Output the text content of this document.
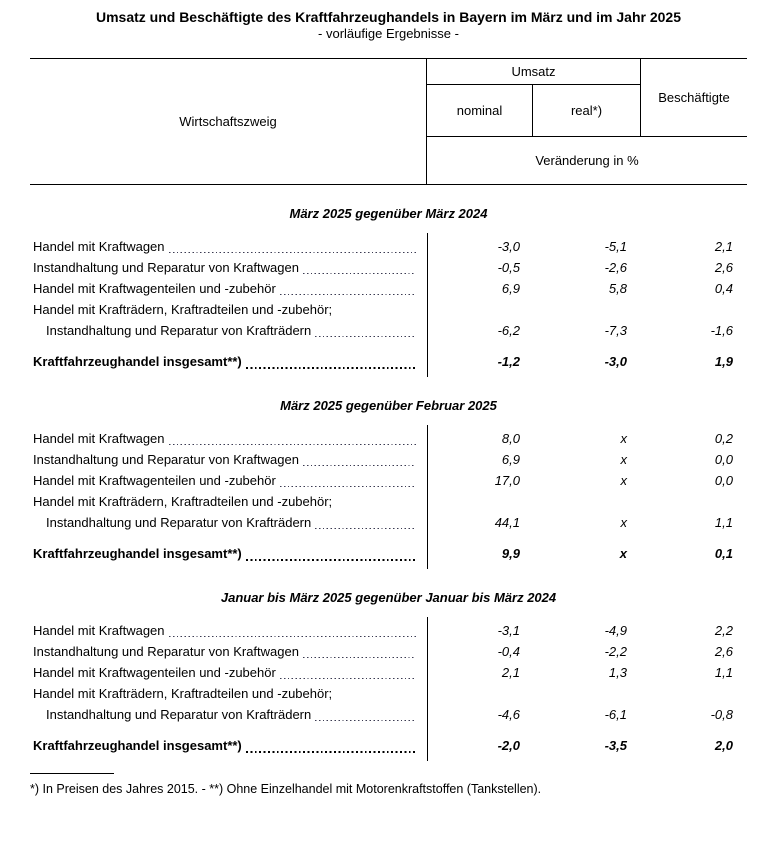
Umsatz und Beschäftigte des Kraftfahrzeughandels in Bayern im März und im Jahr 2025
- vorläufige Ergebnisse -
Wirtschaftszweig
Umsatz
Beschäftigte
nominal	real*)
Veränderung in %
März 2025 gegenüber März 2024
Handel mit Kraftwagen	-3,0	-5,1	2,1
Instandhaltung und Reparatur von Kraftwagen	-0,5	-2,6	2,6
Handel mit Kraftwagenteilen und -zubehör	6,9	5,8	0,4
Handel mit Krafträdern, Kraftradteilen und -zubehör;
Instandhaltung und Reparatur von Krafträdern	-6,2	-7,3	-1,6
Kraftfahrzeughandel insgesamt**)	-1,2	-3,0	1,9
März 2025 gegenüber Februar 2025
Handel mit Kraftwagen	8,0	x	0,2
Instandhaltung und Reparatur von Kraftwagen	6,9	x	0,0
Handel mit Kraftwagenteilen und -zubehör	17,0	x	0,0
Handel mit Krafträdern, Kraftradteilen und -zubehör;
Instandhaltung und Reparatur von Krafträdern	44,1	x	1,1
Kraftfahrzeughandel insgesamt**)	9,9	x	0,1
Januar bis März 2025 gegenüber Januar bis März 2024
Handel mit Kraftwagen	-3,1	-4,9	2,2
Instandhaltung und Reparatur von Kraftwagen	-0,4	-2,2	2,6
Handel mit Kraftwagenteilen und -zubehör	2,1	1,3	1,1
Handel mit Krafträdern, Kraftradteilen und -zubehör;
Instandhaltung und Reparatur von Krafträdern	-4,6	-6,1	-0,8
Kraftfahrzeughandel insgesamt**)	-2,0	-3,5	2,0
*) In Preisen des Jahres 2015. - **) Ohne Einzelhandel mit Motorenkraftstoffen (Tankstellen).
